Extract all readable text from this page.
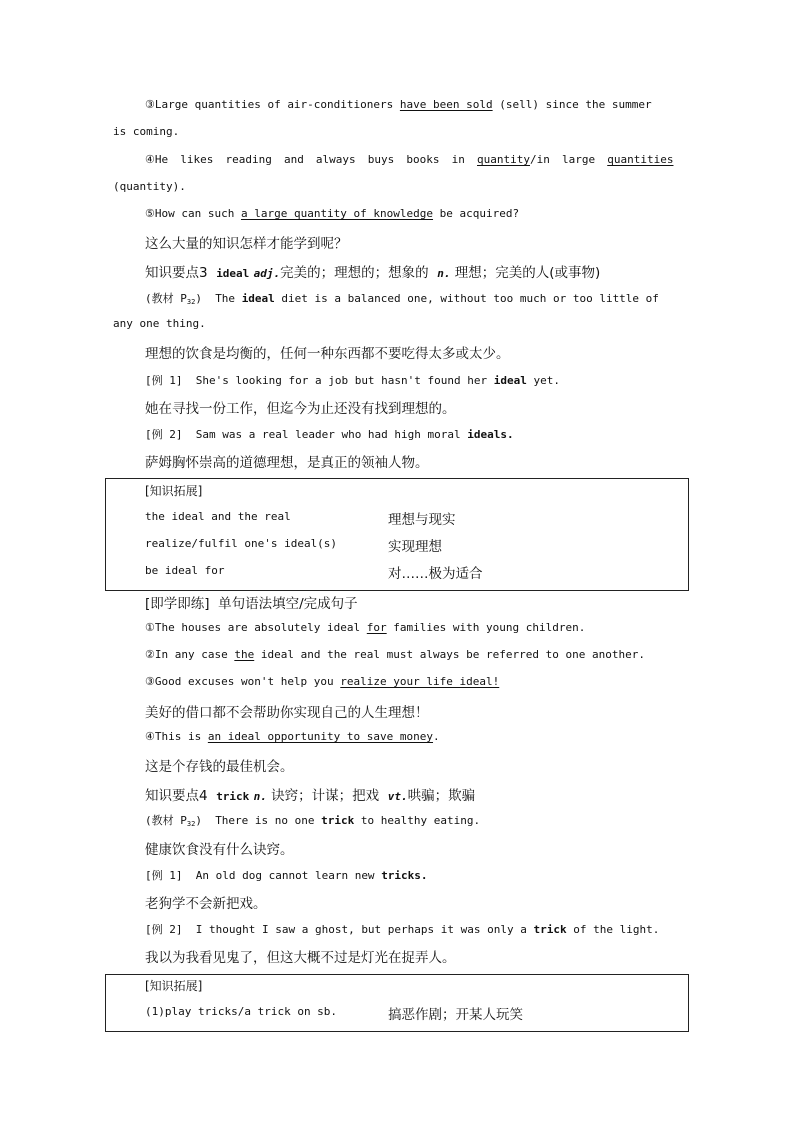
③Large quantities of air-conditioners have been sold (sell) since the summer
is coming.
④He likes reading and always buys books in quantity/in large quantities
(quantity).
⑤How can such a large quantity of knowledge be acquired?
这么大量的知识怎样才能学到呢？
知识要点3 ideal adj.完美的；理想的；想象的 n. 理想；完美的人(或事物)
(教材 $P_{32}$) The ideal diet is a balanced one, without too much or too little of
any one thing.
理想的饮食是均衡的，任何一种东西都不要吃得太多或太少。
[例 1] She's looking for a job but hasn't found her ideal yet.
她在寻找一份工作，但迄今为止还没有找到理想的。
[例 2] Sam was a real leader who had high moral ideals.
萨姆胸怀崇高的道德理想，是真正的领袖人物。
[知识拓展]
the ideal and the real	理想与现实
realize/fulfil one's ideal(s)	实现理想
be ideal for	对……极为适合
[即学即练]  单句语法填空/完成句子
①The houses are absolutely ideal for families with young children.
②In any case the ideal and the real must always be referred to one another.
③Good excuses won't help you realize your life ideal!
美好的借口都不会帮助你实现自己的人生理想！
④This is an ideal opportunity to save money.
这是个存钱的最佳机会。
知识要点4 trick n. 诀窍；计谋；把戏 vt.哄骗；欺骗
(教材 $P_{32}$) There is no one trick to healthy eating.
健康饮食没有什么诀窍。
[例 1] An old dog cannot learn new tricks.
老狗学不会新把戏。
[例 2] I thought I saw a ghost, but perhaps it was only a trick of the light.
我以为我看见鬼了，但这大概不过是灯光在捉弄人。
[知识拓展]
(1)play tricks/a trick on sb.	搞恶作剧；开某人玩笑
